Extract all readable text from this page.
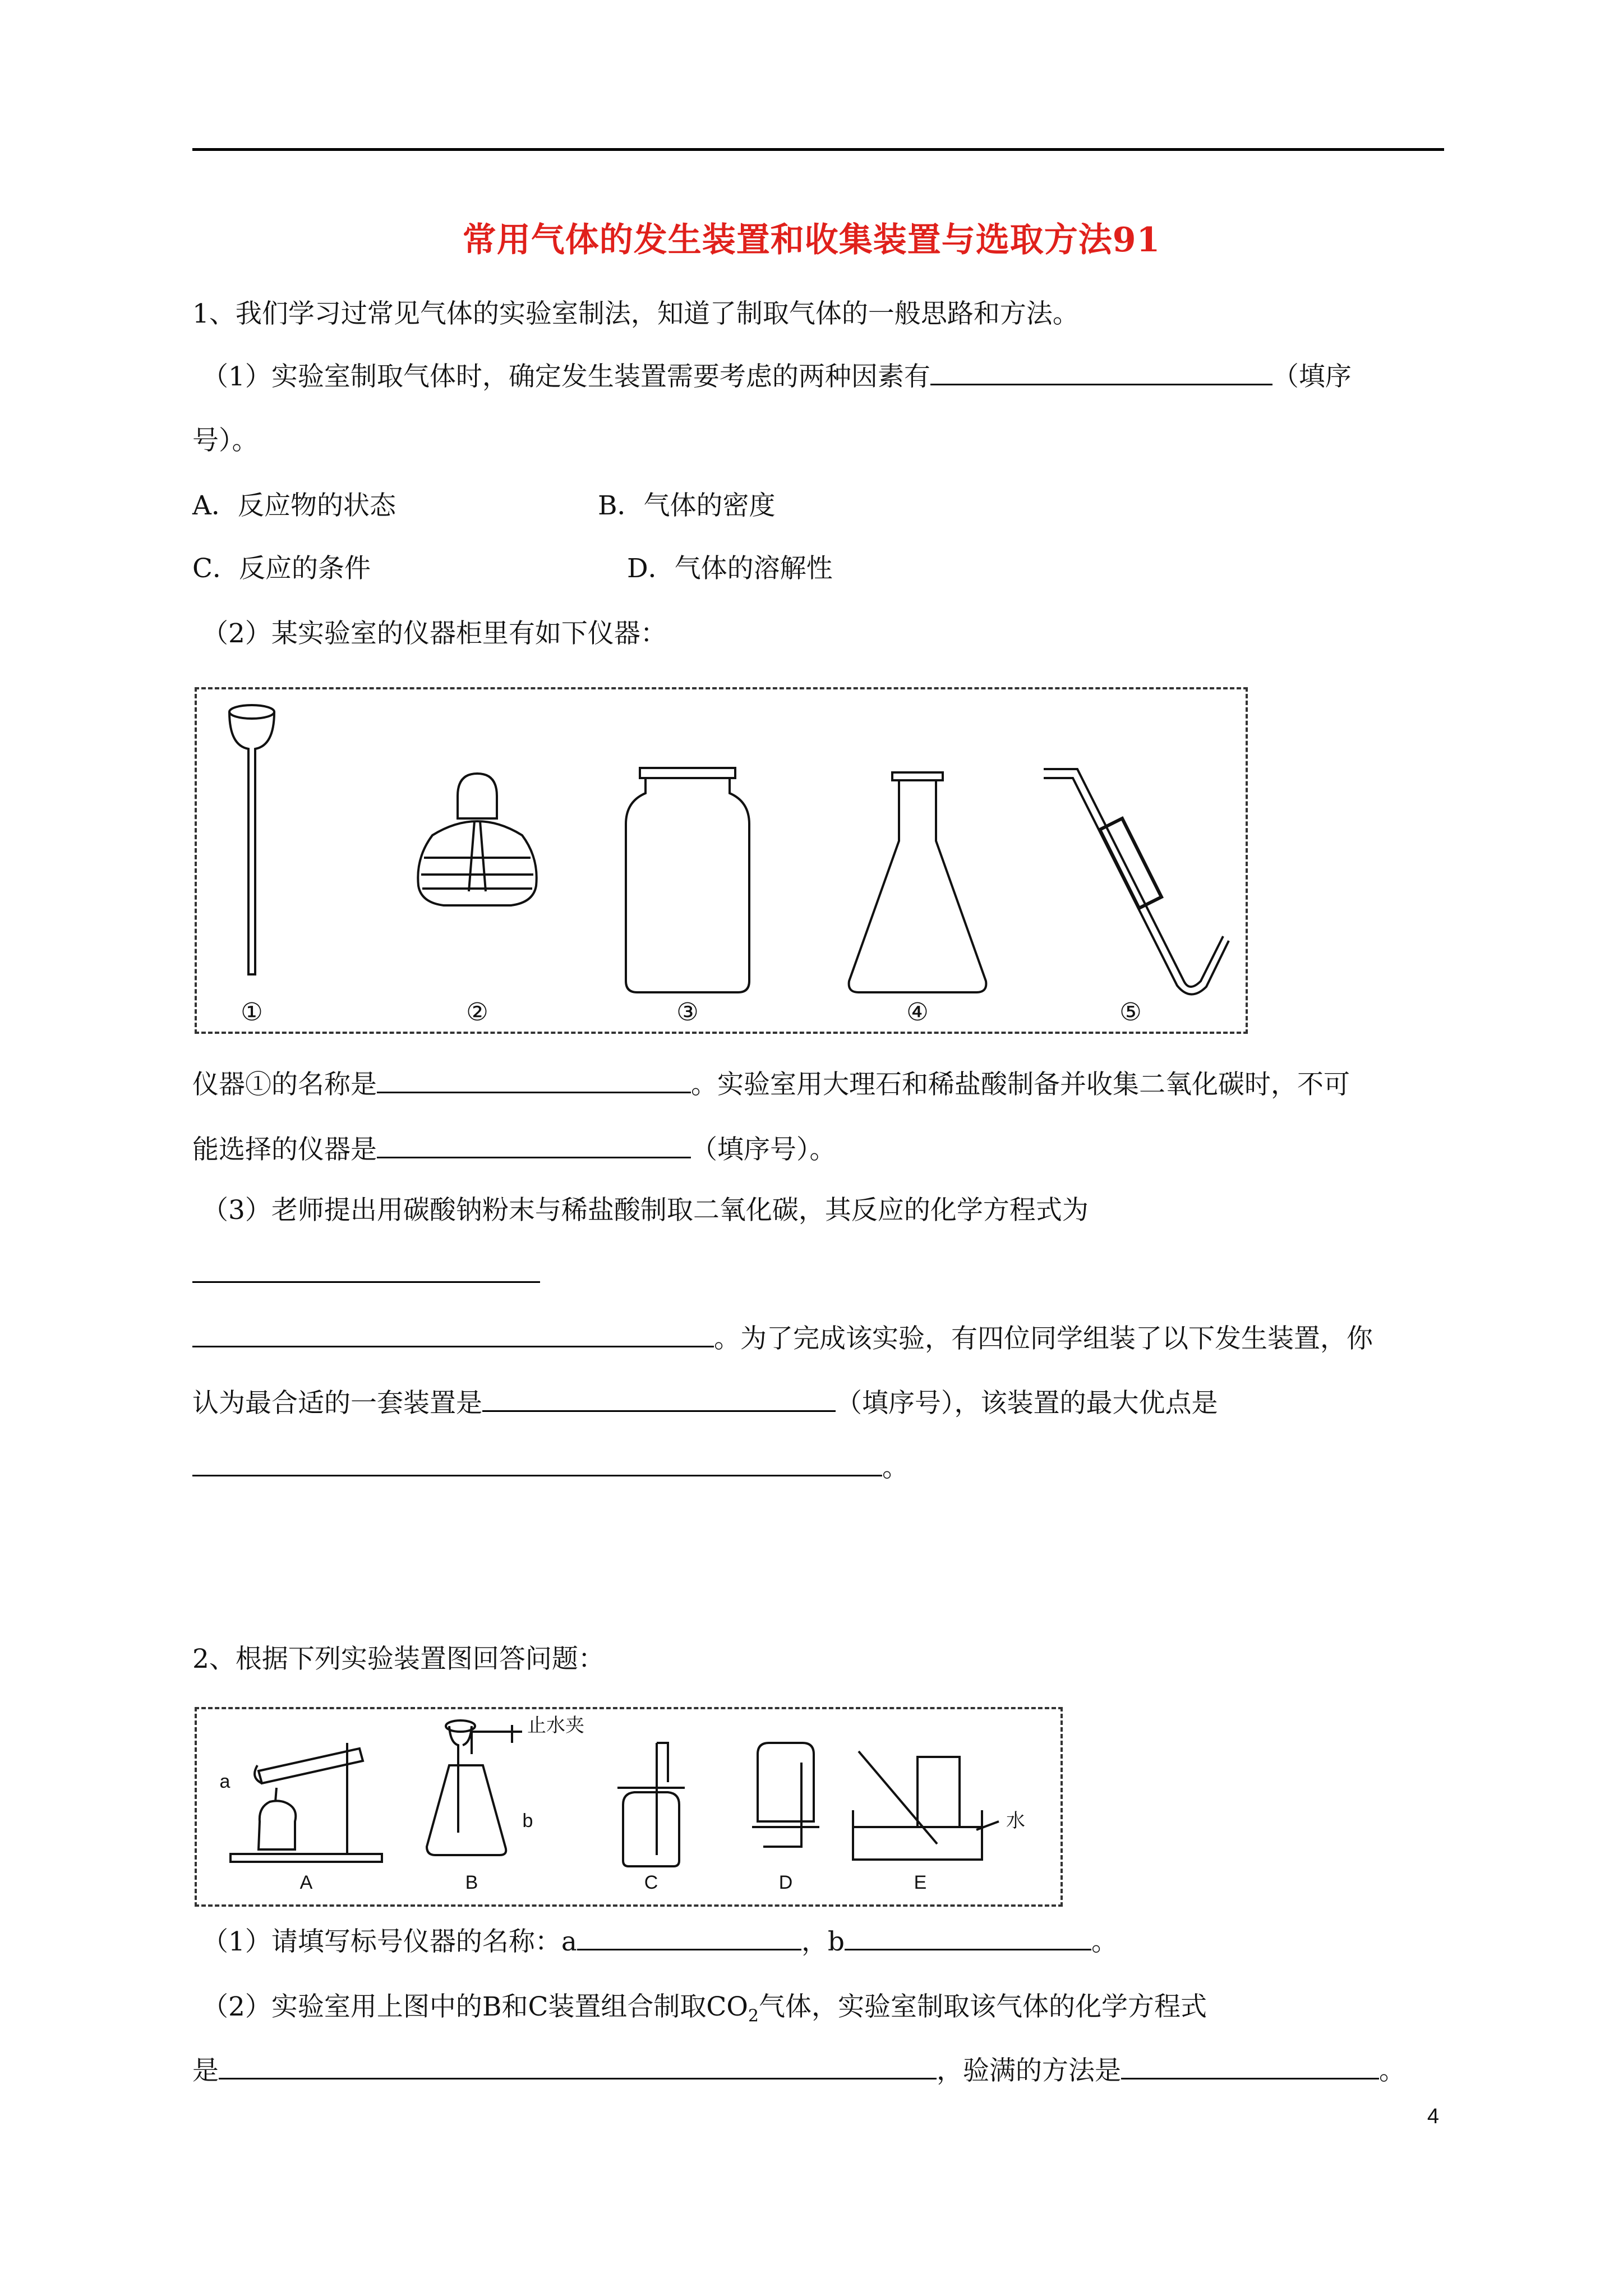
常用气体的发生装置和收集装置与选取方法91
1、我们学习过常见气体的实验室制法，知道了制取气体的一般思路和方法。
（1）实验室制取气体时，确定发生装置需要考虑的两种因素有	（填序
号）。
A．反应物的状态	B．气体的密度
C．反应的条件	D．气体的溶解性
（2）某实验室的仪器柜里有如下仪器：
①	②	③	④	⑤
仪器①的名称是	。实验室用大理石和稀盐酸制备并收集二氧化碳时，不可
能选择的仪器是	（填序号）。
（3）老师提出用碳酸钠粉末与稀盐酸制取二氧化碳，其反应的化学方程式为
。为了完成该实验，有四位同学组装了以下发生装置，你
认为最合适的一套装置是	（填序号），该装置的最大优点是
。
2、根据下列实验装置图回答问题：
a
b
止水夹
水
A	B	C	D	E
（1）请填写标号仪器的名称：a	，b	。
（2）实验室用上图中的B和C装置组合制取$CO_2$气体，实验室制取该气体的化学方程式
是	，验满的方法是	。
4
